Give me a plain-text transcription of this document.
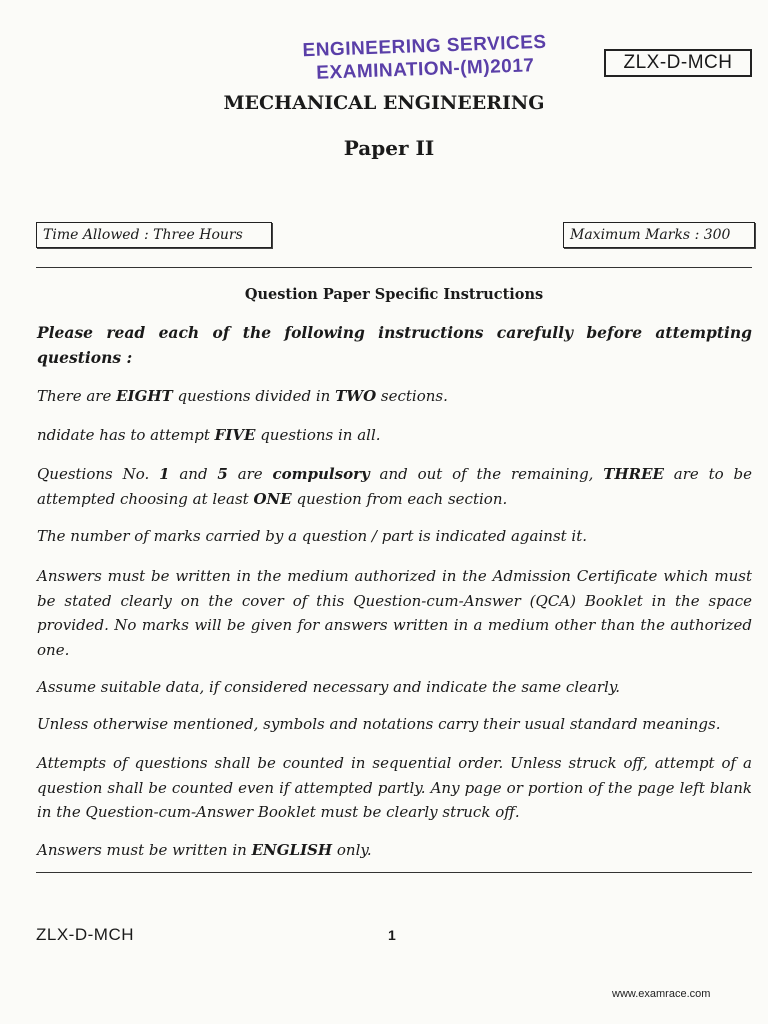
ENGINEERING SERVICES
EXAMINATION-(M)2017	ZLX-D-MCH
MECHANICAL ENGINEERING
Paper II
Time Allowed : Three Hours	Maximum Marks : 300
Question Paper Specific Instructions
Please read each of the following instructions carefully before attempting questions :
There are EIGHT questions divided in TWO sections.
ndidate has to attempt FIVE questions in all.
Questions No. 1 and 5 are compulsory and out of the remaining, THREE are to be attempted choosing at least ONE question from each section.
The number of marks carried by a question / part is indicated against it.
Answers must be written in the medium authorized in the Admission Certificate which must be stated clearly on the cover of this Question-cum-Answer (QCA) Booklet in the space provided. No marks will be given for answers written in a medium other than the authorized one.
Assume suitable data, if considered necessary and indicate the same clearly.
Unless otherwise mentioned, symbols and notations carry their usual standard meanings.
Attempts of questions shall be counted in sequential order. Unless struck off, attempt of a question shall be counted even if attempted partly. Any page or portion of the page left blank in the Question-cum-Answer Booklet must be clearly struck off.
Answers must be written in ENGLISH only.
ZLX-D-MCH	1
www.examrace.com
